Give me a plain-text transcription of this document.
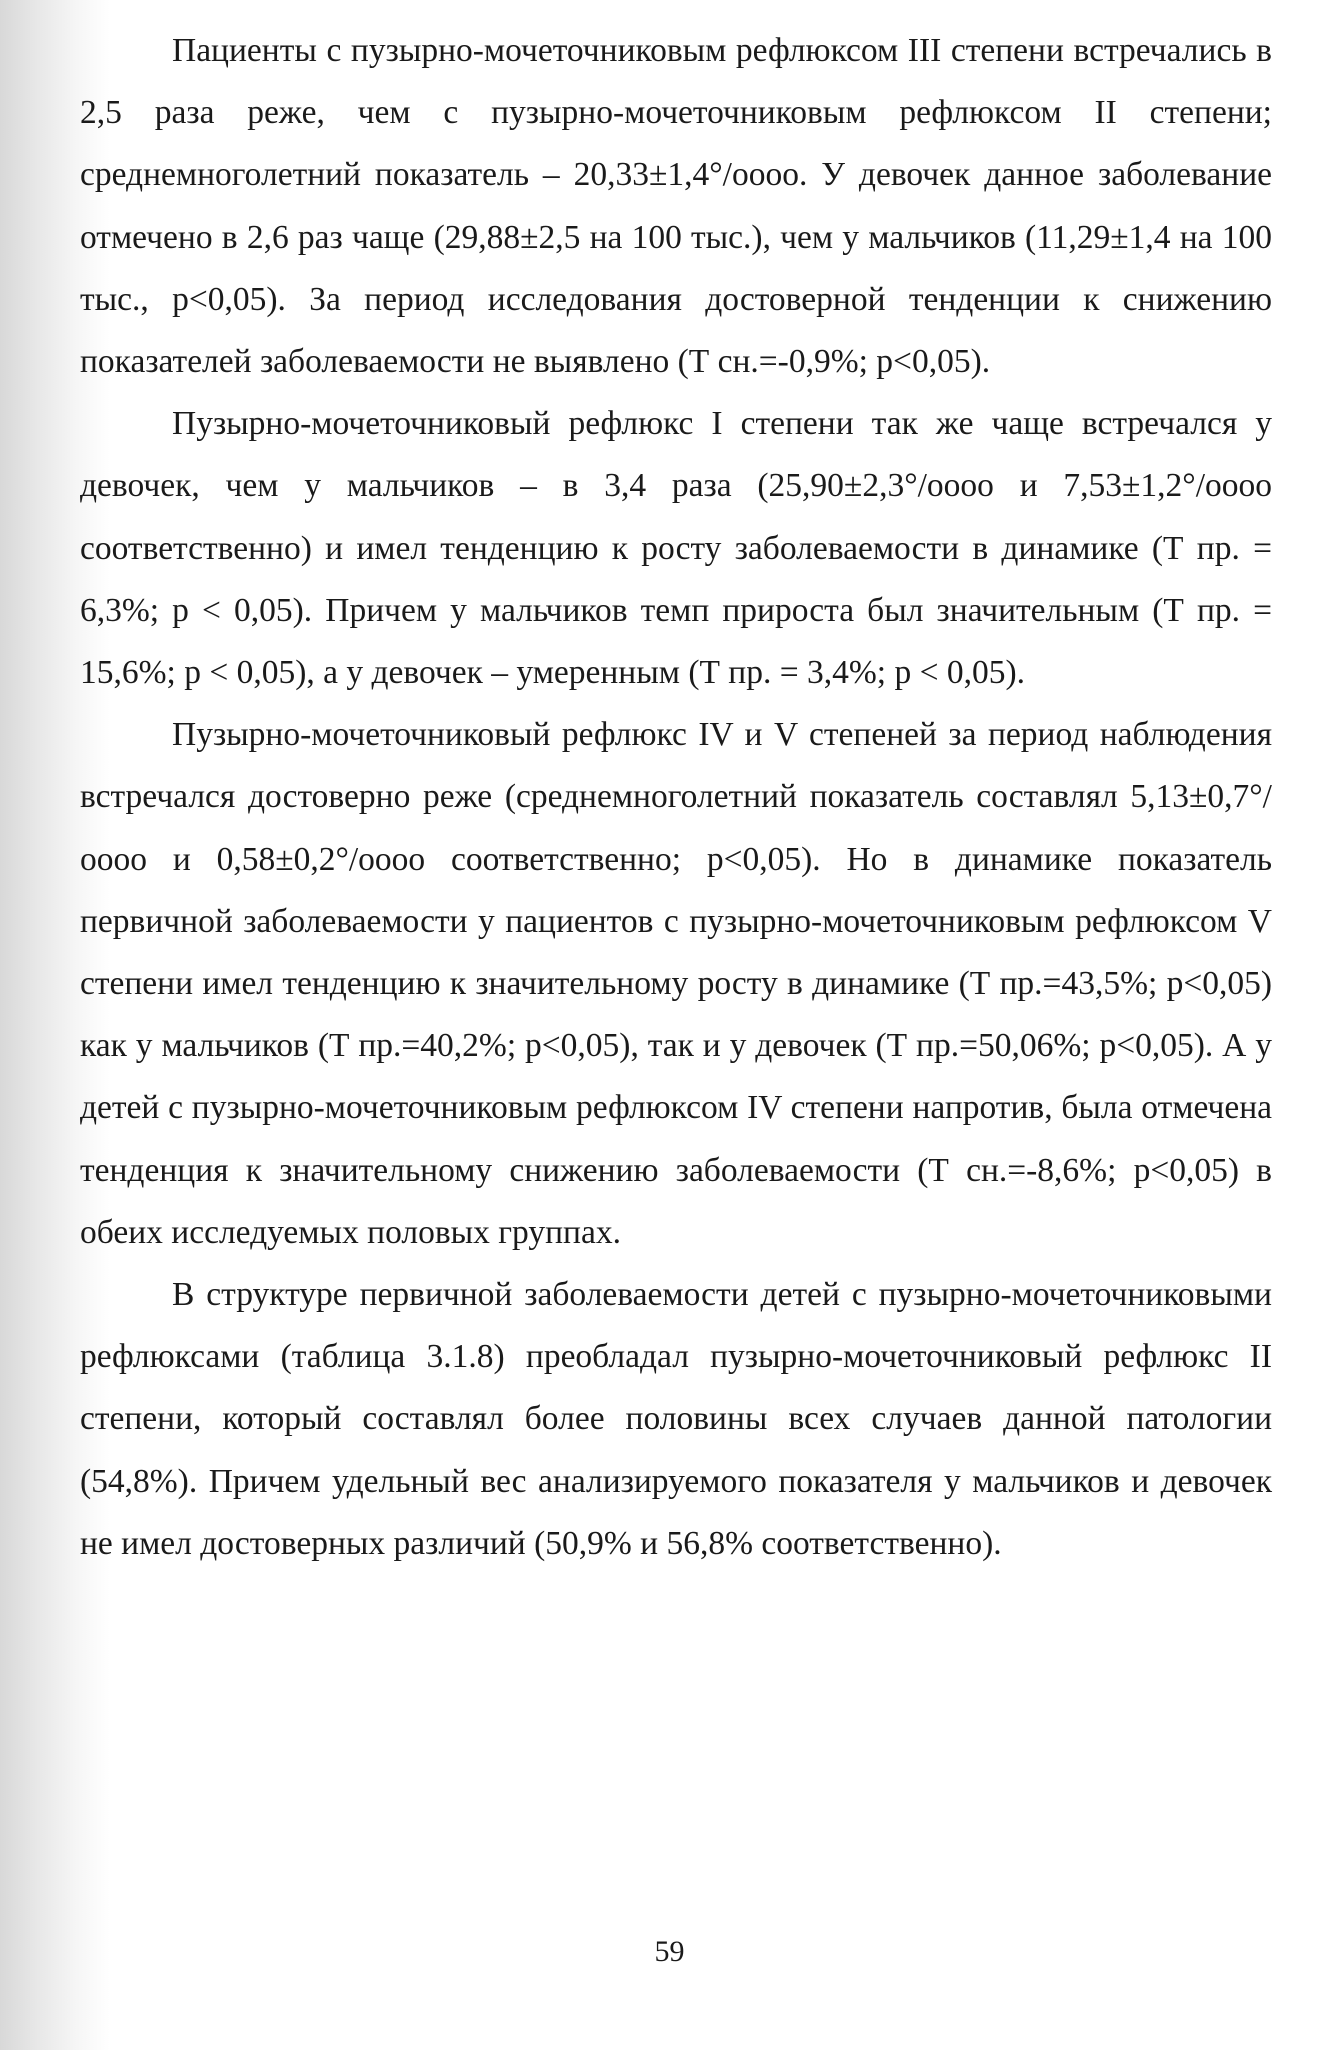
Пациенты с пузырно-мочеточниковым рефлюксом III степени встречались в 2,5 раза реже, чем с пузырно-мочеточниковым рефлюксом II степени; среднемноголетний показатель – 20,33±1,4°/оооо. У девочек данное заболевание отмечено в 2,6 раз чаще (29,88±2,5 на 100 тыс.), чем у мальчиков (11,29±1,4 на 100 тыс., p<0,05). За период исследования достоверной тенденции к снижению показателей заболеваемости не выявлено (Т сн.=-0,9%; p<0,05).

Пузырно-мочеточниковый рефлюкс I степени так же чаще встречался у девочек, чем у мальчиков – в 3,4 раза (25,90±2,3°/оооо и 7,53±1,2°/оооо соответственно) и имел тенденцию к росту заболеваемости в динамике (Т пр. = 6,3%; р < 0,05). Причем у мальчиков темп прироста был значительным (Т пр. = 15,6%; р < 0,05), а у девочек – умеренным (Т пр. = 3,4%; р < 0,05).

Пузырно-мочеточниковый рефлюкс IV и V степеней за период наблюдения встречался достоверно реже (среднемноголетний показатель составлял 5,13±0,7°/оооо и 0,58±0,2°/оооо соответственно; p<0,05). Но в динамике показатель первичной заболеваемости у пациентов с пузырно-мочеточниковым рефлюксом V степени имел тенденцию к значительному росту в динамике (Т пр.=43,5%; p<0,05) как у мальчиков (Т пр.=40,2%; p<0,05), так и у девочек (Т пр.=50,06%; p<0,05). А у детей с пузырно-мочеточниковым рефлюксом IV степени напротив, была отмечена тенденция к значительному снижению заболеваемости (Т сн.=-8,6%; p<0,05) в обеих исследуемых половых группах.

В структуре первичной заболеваемости детей с пузырно-мочеточниковыми рефлюксами (таблица 3.1.8) преобладал пузырно-мочеточниковый рефлюкс II степени, который составлял более половины всех случаев данной патологии (54,8%). Причем удельный вес анализируемого показателя у мальчиков и девочек не имел достоверных различий (50,9% и 56,8% соответственно).

59
